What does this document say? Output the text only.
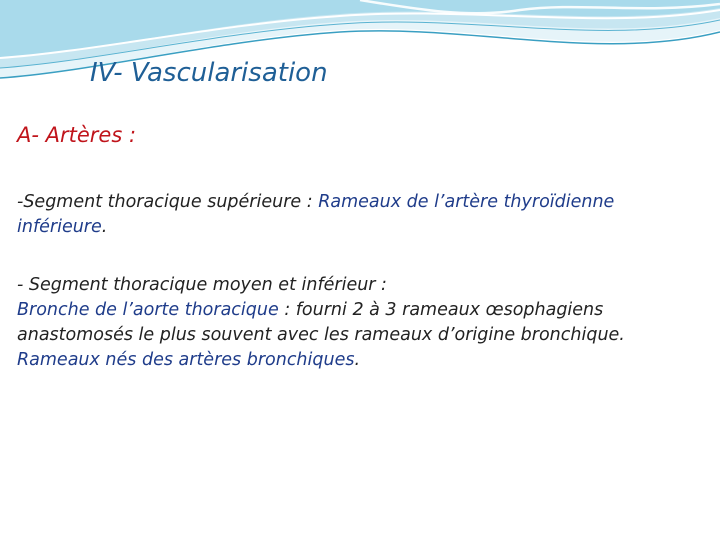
IV- Vascularisation
A- Artères :
-Segment thoracique supérieure : Rameaux de l’artère thyroïdienne
inférieure.
- Segment thoracique moyen et inférieur :
Bronche de l’aorte thoracique : fourni 2 à 3 rameaux œsophagiens
anastomosés le plus souvent avec les rameaux d’origine bronchique.
Rameaux nés des artères bronchiques.
